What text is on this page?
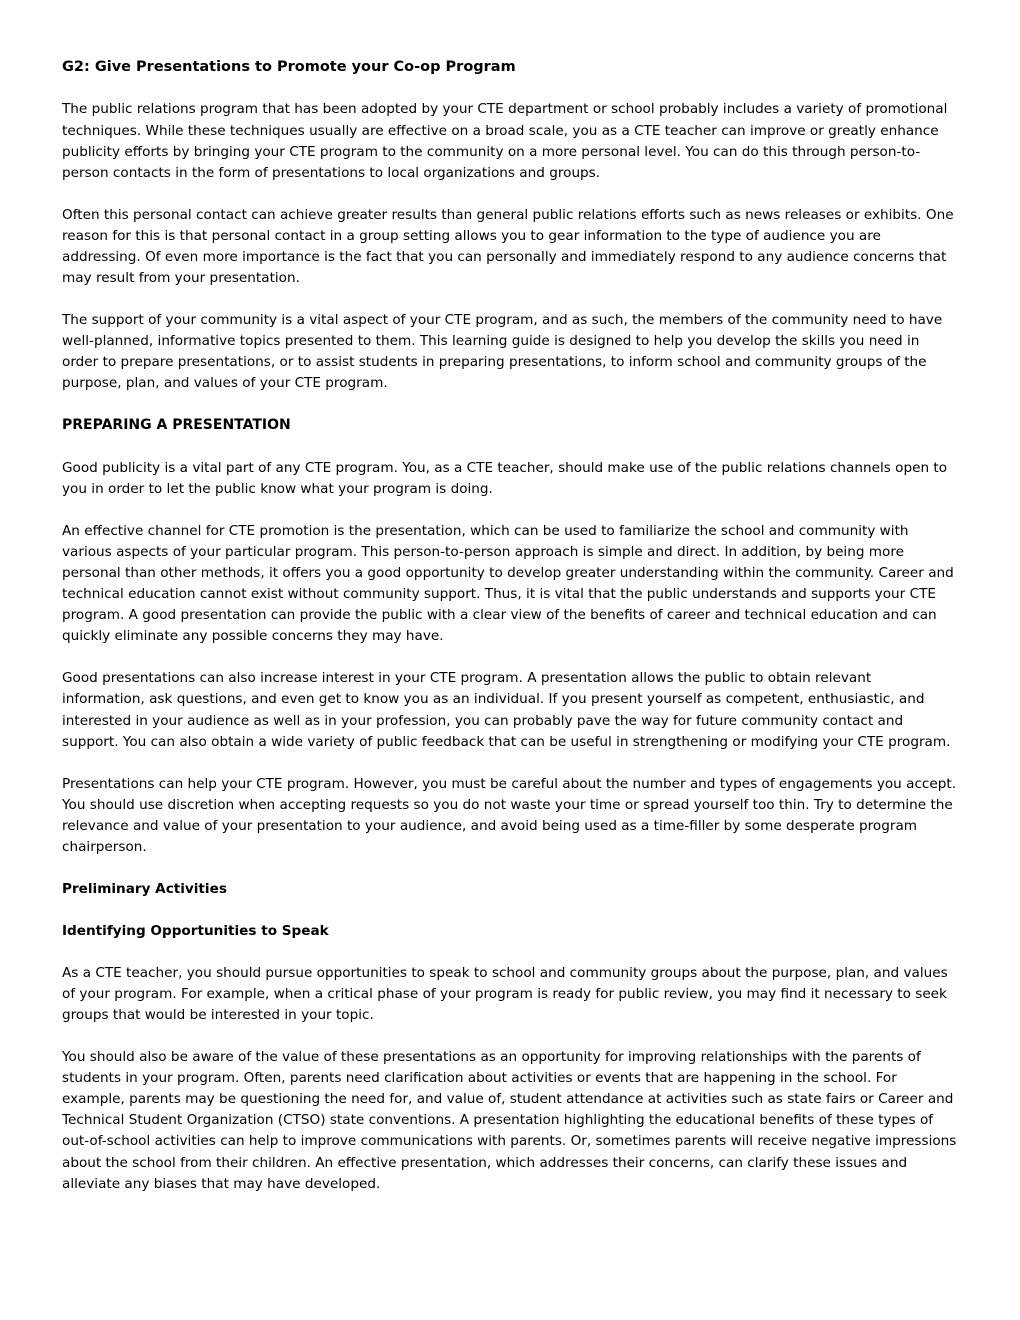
G2: Give Presentations to Promote your Co-op Program

The public relations program that has been adopted by your CTE department or school probably includes a variety of promotional techniques. While these techniques usually are effective on a broad scale, you as a CTE teacher can improve or greatly enhance publicity efforts by bringing your CTE program to the community on a more personal level. You can do this through person-to-person contacts in the form of presentations to local organizations and groups.

Often this personal contact can achieve greater results than general public relations efforts such as news releases or exhibits. One reason for this is that personal contact in a group setting allows you to gear information to the type of audience you are addressing. Of even more importance is the fact that you can personally and immediately respond to any audience concerns that may result from your presentation.

The support of your community is a vital aspect of your CTE program, and as such, the members of the community need to have well-planned, informative topics presented to them. This learning guide is designed to help you develop the skills you need in order to prepare presentations, or to assist students in preparing presentations, to inform school and community groups of the purpose, plan, and values of your CTE program.

PREPARING A PRESENTATION

Good publicity is a vital part of any CTE program. You, as a CTE teacher, should make use of the public relations channels open to you in order to let the public know what your program is doing.

An effective channel for CTE promotion is the presentation, which can be used to familiarize the school and community with various aspects of your particular program. This person-to-person approach is simple and direct. In addition, by being more personal than other methods, it offers you a good opportunity to develop greater understanding within the community. Career and technical education cannot exist without community support. Thus, it is vital that the public understands and supports your CTE program. A good presentation can provide the public with a clear view of the benefits of career and technical education and can quickly eliminate any possible concerns they may have.

Good presentations can also increase interest in your CTE program. A presentation allows the public to obtain relevant information, ask questions, and even get to know you as an individual. If you present yourself as competent, enthusiastic, and interested in your audience as well as in your profession, you can probably pave the way for future community contact and support. You can also obtain a wide variety of public feedback that can be useful in strengthening or modifying your CTE program.

Presentations can help your CTE program. However, you must be careful about the number and types of engagements you accept. You should use discretion when accepting requests so you do not waste your time or spread yourself too thin. Try to determine the relevance and value of your presentation to your audience, and avoid being used as a time-filler by some desperate program chairperson.

Preliminary Activities
Identifying Opportunities to Speak

As a CTE teacher, you should pursue opportunities to speak to school and community groups about the purpose, plan, and values of your program. For example, when a critical phase of your program is ready for public review, you may find it necessary to seek groups that would be interested in your topic.

You should also be aware of the value of these presentations as an opportunity for improving relationships with the parents of students in your program. Often, parents need clarification about activities or events that are happening in the school. For example, parents may be questioning the need for, and value of, student attendance at activities such as state fairs or Career and Technical Student Organization (CTSO) state conventions. A presentation highlighting the educational benefits of these types of out-of-school activities can help to improve communications with parents. Or, sometimes parents will receive negative impressions about the school from their children. An effective presentation, which addresses their concerns, can clarify these issues and alleviate any biases that may have developed.
